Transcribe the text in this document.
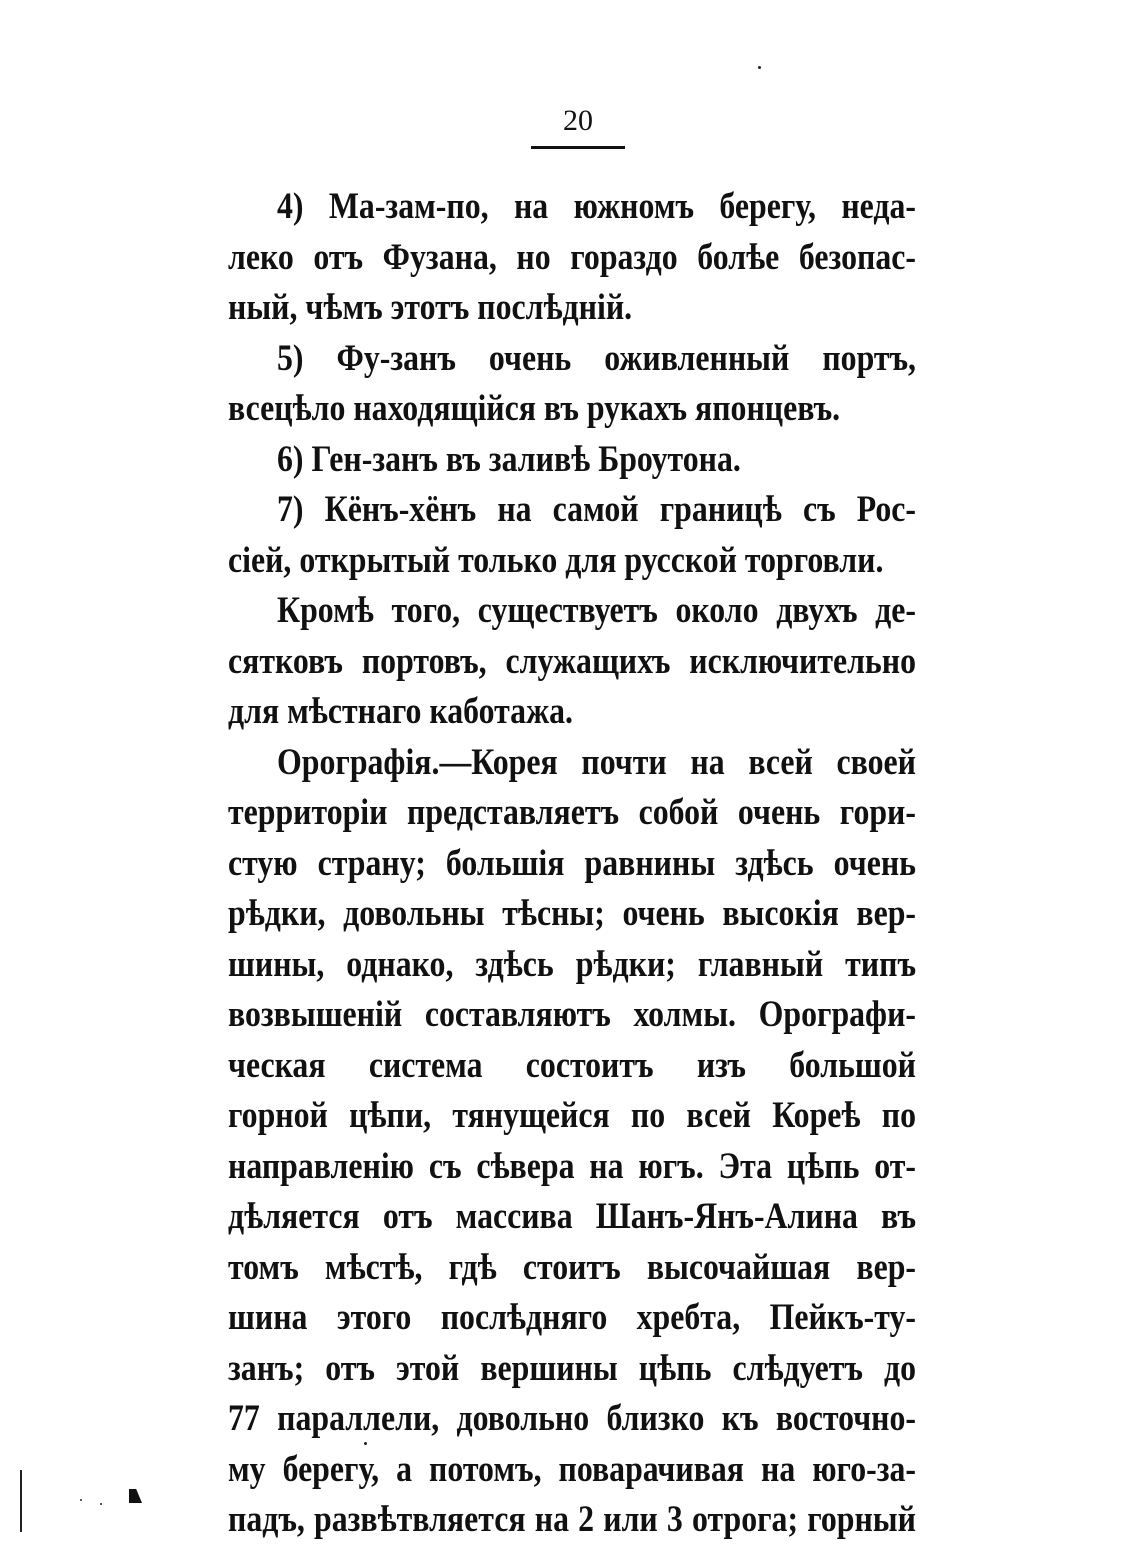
20
4) Ма-зам-по, на южномъ берегу, неда-
леко отъ Фузана, но гораздо болѣе безопас-
ный, чѣмъ этотъ послѣдній.
5) Фу-занъ очень оживленный портъ,
всецѣло находящійся въ рукахъ японцевъ.
6) Ген-занъ въ заливѣ Броутона.
7) Кёнъ-хёнъ на самой границѣ съ Рос-
сіей, открытый только для русской торговли.
Кромѣ того, существуетъ около двухъ де-
сятковъ портовъ, служащихъ исключительно
для мѣстнаго каботажа.
Орографія.—Корея почти на всей своей
территоріи представляетъ собой очень гори-
стую страну; большія равнины здѣсь очень
рѣдки, довольны тѣсны; очень высокія вер-
шины, однако, здѣсь рѣдки; главный типъ
возвышеній составляютъ холмы. Орографи-
ческая система состоитъ изъ большой
горной цѣпи, тянущейся по всей Кореѣ по
направленію съ сѣвера на югъ. Эта цѣпь от-
дѣляется отъ массива Шанъ-Янъ-Алина въ
томъ мѣстѣ, гдѣ стоитъ высочайшая вер-
шина этого послѣдняго хребта, Пейкъ-ту-
занъ; отъ этой вершины цѣпь слѣдуетъ до
77 параллели, довольно близко къ восточно-
му берегу, а потомъ, поварачивая на юго-за-
падъ, развѣтвляется на 2 или 3 отрога; горный
